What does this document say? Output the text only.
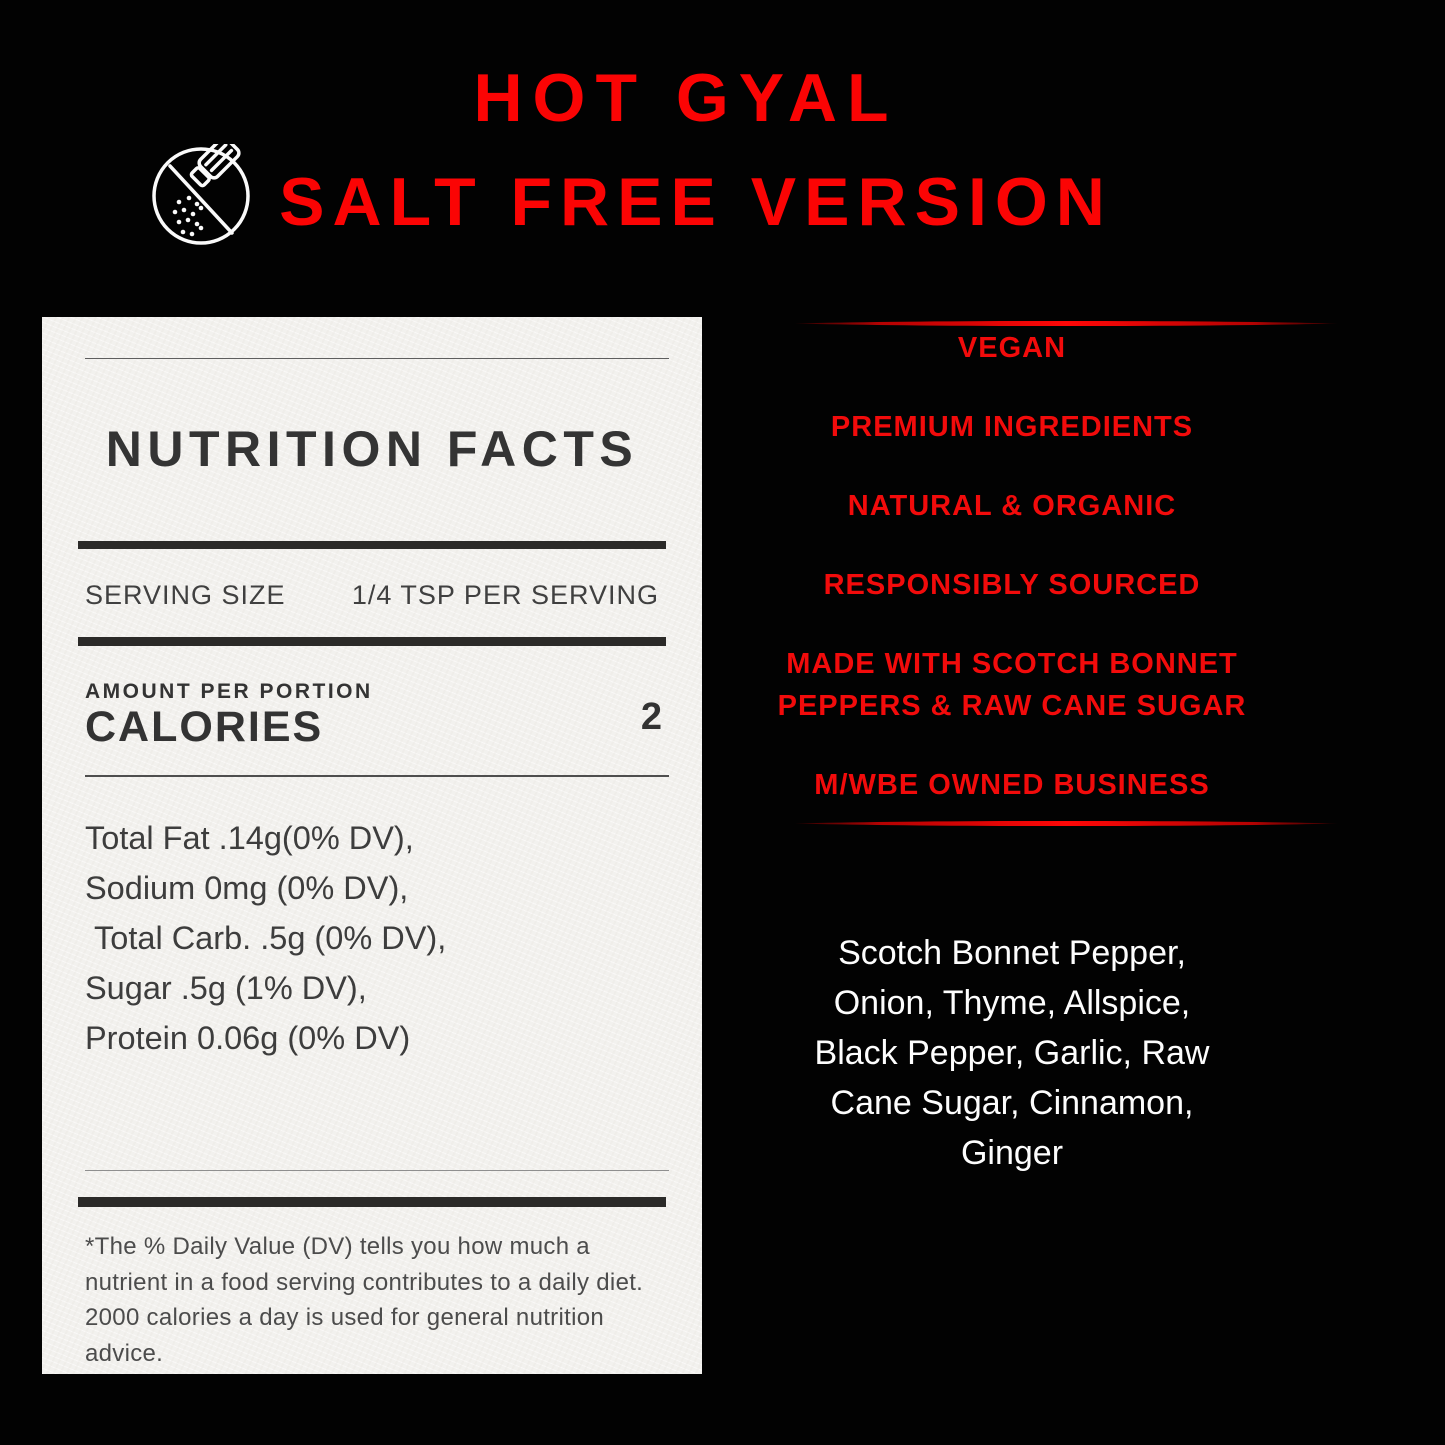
HOT GYAL
SALT FREE VERSION
NUTRITION FACTS
SERVING SIZE 1/4 TSP PER SERVING

AMOUNT PER PORTION

CALORIES	2

Total Fat .14g(0% DV),
Sodium 0mg (0% DV),
Total Carb. .5g (0% DV),
Sugar .5g (1% DV),
Protein 0.06g (0% DV)

*The % Daily Value (DV) tells you how much a nutrient in a food serving contributes to a daily diet. 2000 calories a day is used for general nutrition advice.

VEGAN
PREMIUM INGREDIENTS
NATURAL & ORGANIC
RESPONSIBLY SOURCED
MADE WITH SCOTCH BONNET PEPPERS & RAW CANE SUGAR
M/WBE OWNED BUSINESS

Scotch Bonnet Pepper, Onion, Thyme, Allspice, Black Pepper, Garlic, Raw Cane Sugar, Cinnamon, Ginger
